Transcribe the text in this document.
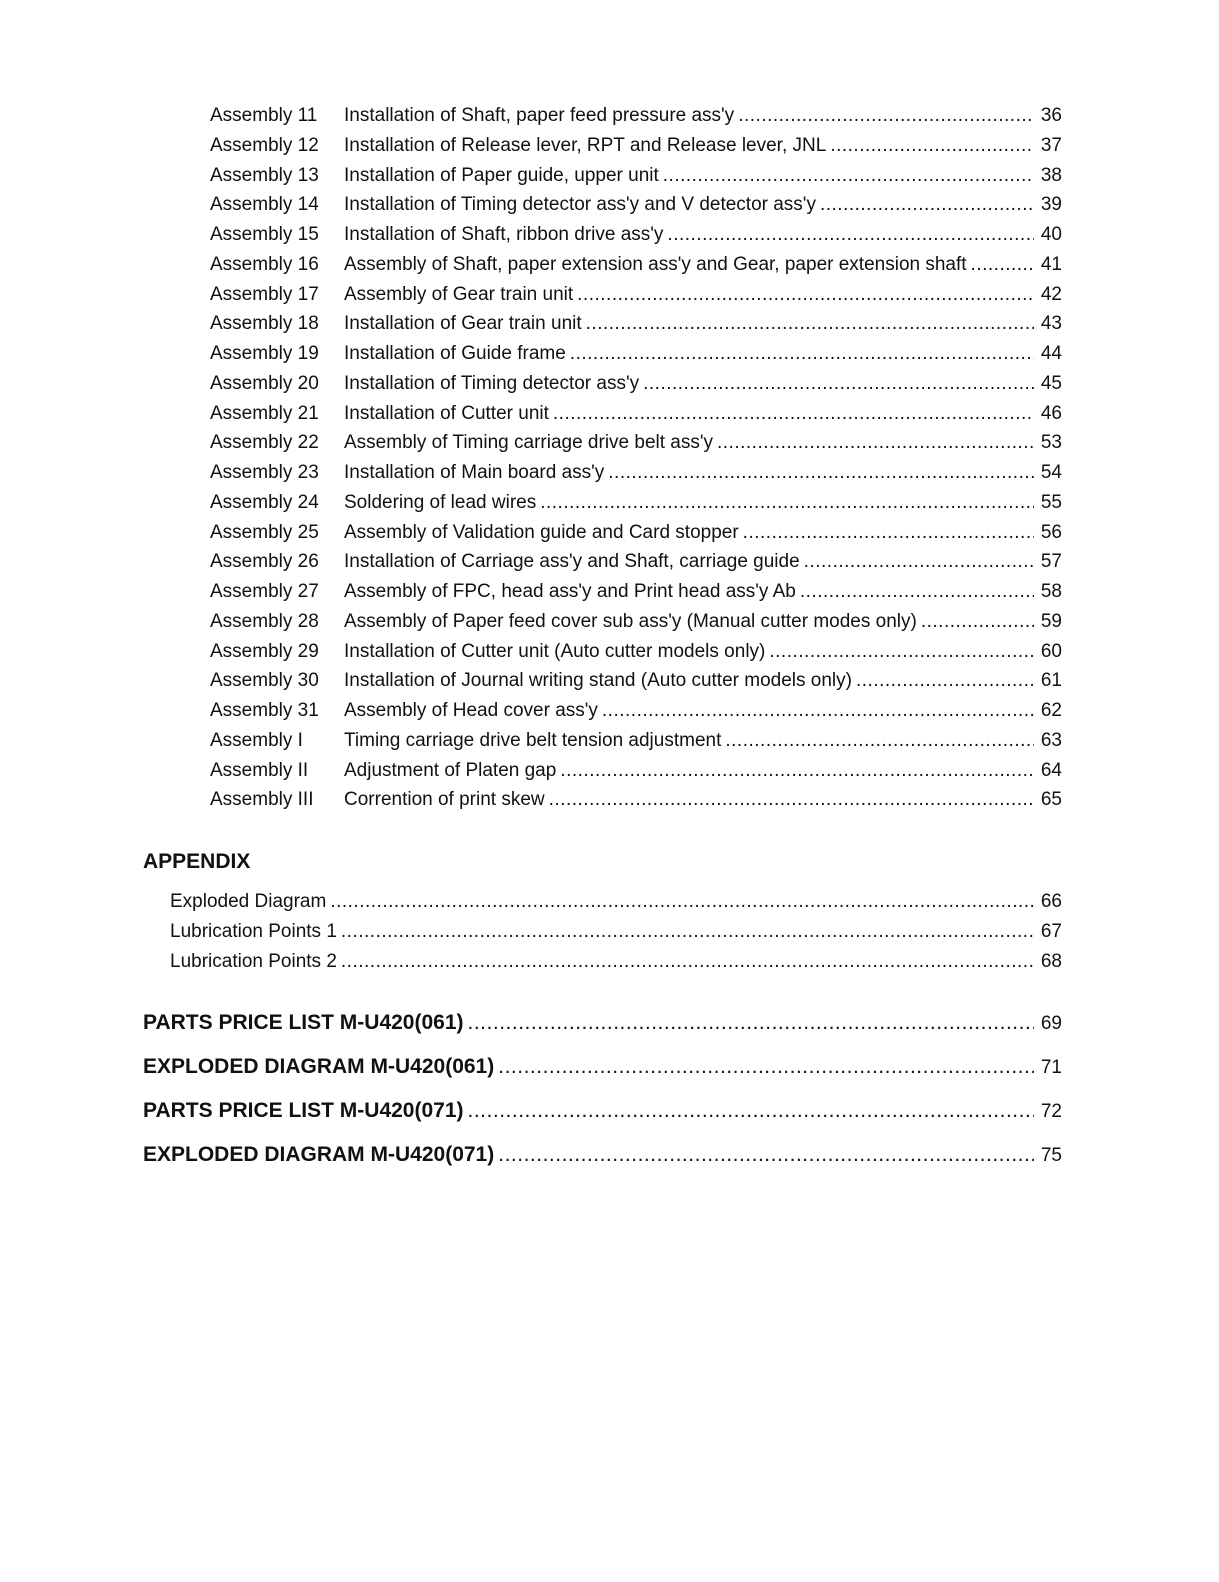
Assembly 11	Installation of Shaft, paper feed pressure ass'y .....	36
Assembly 12	Installation of Release lever, RPT and Release lever, JNL .....	37
Assembly 13	Installation of Paper guide, upper unit .....	38
Assembly 14	Installation of Timing detector ass'y and V detector ass'y .....	39
Assembly 15	Installation of Shaft, ribbon drive ass'y .....	40
Assembly 16	Assembly of Shaft, paper extension ass'y and Gear, paper extension shaft .....	41
Assembly 17	Assembly of Gear train unit .....	42
Assembly 18	Installation of Gear train unit .....	43
Assembly 19	Installation of Guide frame .....	44
Assembly 20	Installation of Timing detector ass'y .....	45
Assembly 21	Installation of Cutter unit .....	46
Assembly 22	Assembly of Timing carriage drive belt ass'y .....	53
Assembly 23	Installation of Main board ass'y .....	54
Assembly 24	Soldering of lead wires .....	55
Assembly 25	Assembly of Validation guide and Card stopper .....	56
Assembly 26	Installation of Carriage ass'y and Shaft, carriage guide .....	57
Assembly 27	Assembly of FPC, head ass'y and Print head ass'y Ab .....	58
Assembly 28	Assembly of Paper feed cover sub ass'y (Manual cutter modes only) .....	59
Assembly 29	Installation of Cutter unit (Auto cutter models only) .....	60
Assembly 30	Installation of Journal writing stand (Auto cutter models only) .....	61
Assembly 31	Assembly of Head cover ass'y .....	62
Assembly I	Timing carriage drive belt tension adjustment .....	63
Assembly II	Adjustment of Platen gap .....	64
Assembly III	Corrention of print skew .....	65
APPENDIX
Exploded Diagram .....	66
Lubrication Points 1 .....	67
Lubrication Points 2 .....	68
PARTS PRICE LIST M-U420(061) .....	69
EXPLODED DIAGRAM M-U420(061) .....	71
PARTS PRICE LIST M-U420(071) .....	72
EXPLODED DIAGRAM M-U420(071) .....	75
